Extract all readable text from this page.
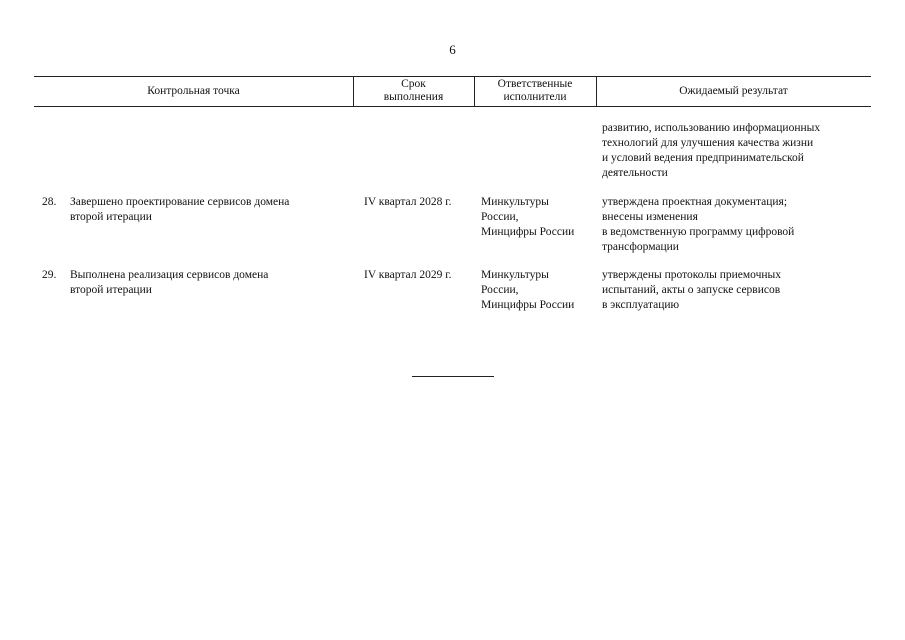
6
Контрольная точка
Срок
выполнения
Ответственные
исполнители
Ожидаемый результат
развитию, использованию информационных
технологий для улучшения качества жизни
и условий ведения предпринимательской
деятельности
28. Завершено проектирование сервисов домена
второй итерации
IV квартал 2028 г.	Минкультуры
России,
Минцифры России
утверждена проектная документация;
внесены изменения
в ведомственную программу цифровой
трансформации
29. Выполнена реализация сервисов домена
второй итерации
IV квартал 2029 г.	Минкультуры
России,
Минцифры России
утверждены протоколы приемочных
испытаний, акты о запуске сервисов
в эксплуатацию
